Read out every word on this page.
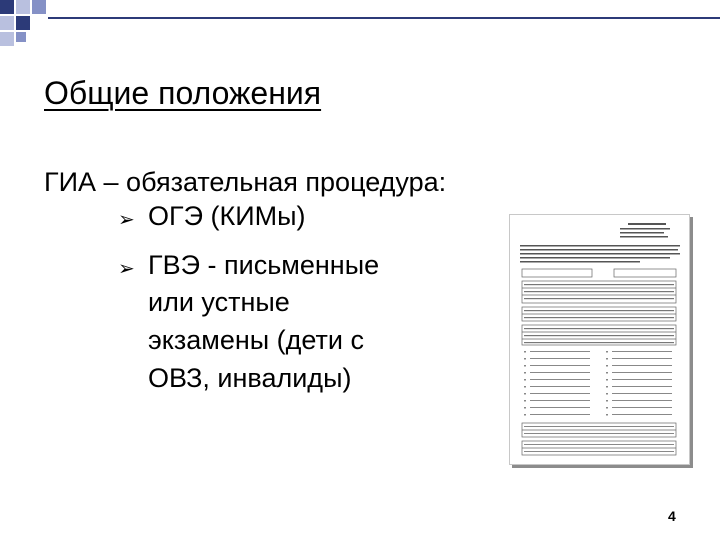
Общие положения
ГИА – обязательная процедура:
➢ ОГЭ (КИМы)
➢ ГВЭ - письменные
или устные
экзамены (дети с
ОВЗ, инвалиды)
4
